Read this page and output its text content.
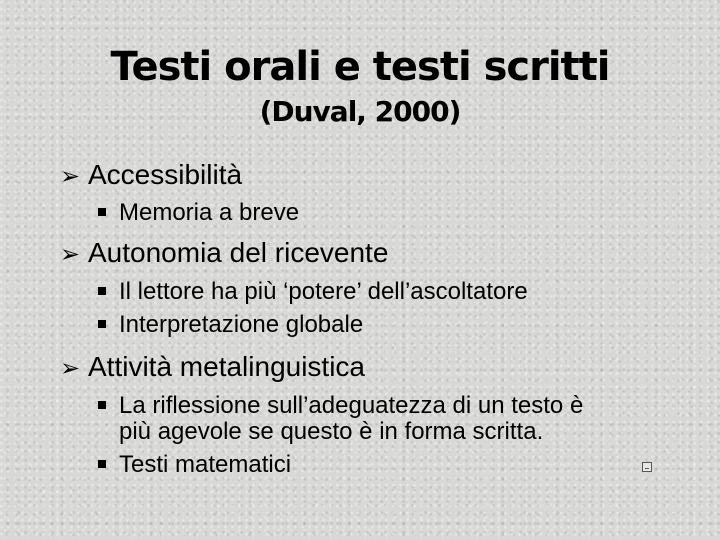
Testi orali e testi scritti
(Duval, 2000)
➢ Accessibilità
Memoria a breve
➢ Autonomia del ricevente
Il lettore ha più ‘potere’ dell’ascoltatore
Interpretazione globale
➢ Attività metalinguistica
La riflessione sull’adeguatezza di un testo è
più agevole se questo è in forma scritta.
Testi matematici
